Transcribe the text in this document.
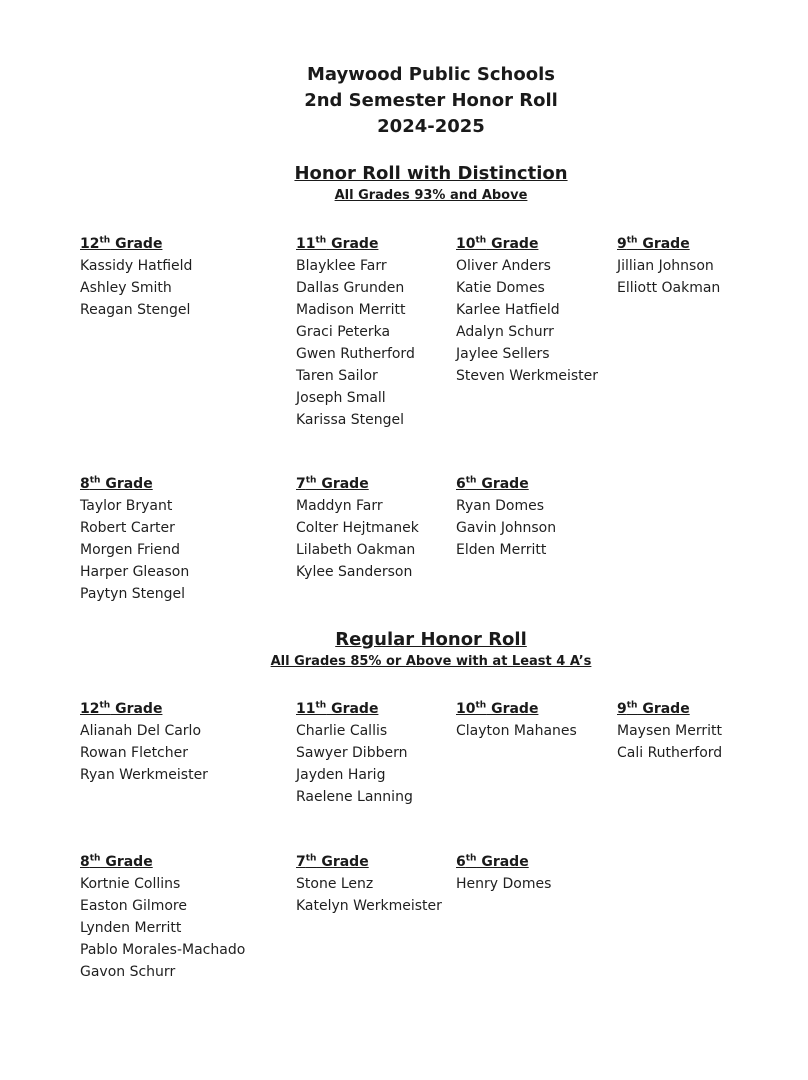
Maywood Public Schools
2nd Semester Honor Roll
2024-2025
Honor Roll with Distinction
All Grades 93% and Above
Regular Honor Roll
All Grades 85% or Above with at Least 4 A’s
12th Grade
Kassidy Hatfield
Ashley Smith
Reagan Stengel
11th Grade
Blayklee Farr
Dallas Grunden
Madison Merritt
Graci Peterka
Gwen Rutherford
Taren Sailor
Joseph Small
Karissa Stengel
10th Grade
Oliver Anders
Katie Domes
Karlee Hatfield
Adalyn Schurr
Jaylee Sellers
Steven Werkmeister
9th Grade
Jillian Johnson
Elliott Oakman
8th Grade
Taylor Bryant
Robert Carter
Morgen Friend
Harper Gleason
Paytyn Stengel
7th Grade
Maddyn Farr
Colter Hejtmanek
Lilabeth Oakman
Kylee Sanderson
6th Grade
Ryan Domes
Gavin Johnson
Elden Merritt
12th Grade
Alianah Del Carlo
Rowan Fletcher
Ryan Werkmeister
11th Grade
Charlie Callis
Sawyer Dibbern
Jayden Harig
Raelene Lanning
10th Grade
Clayton Mahanes
9th Grade
Maysen Merritt
Cali Rutherford
8th Grade
Kortnie Collins
Easton Gilmore
Lynden Merritt
Pablo Morales-Machado
Gavon Schurr
7th Grade
Stone Lenz
Katelyn Werkmeister
6th Grade
Henry Domes
